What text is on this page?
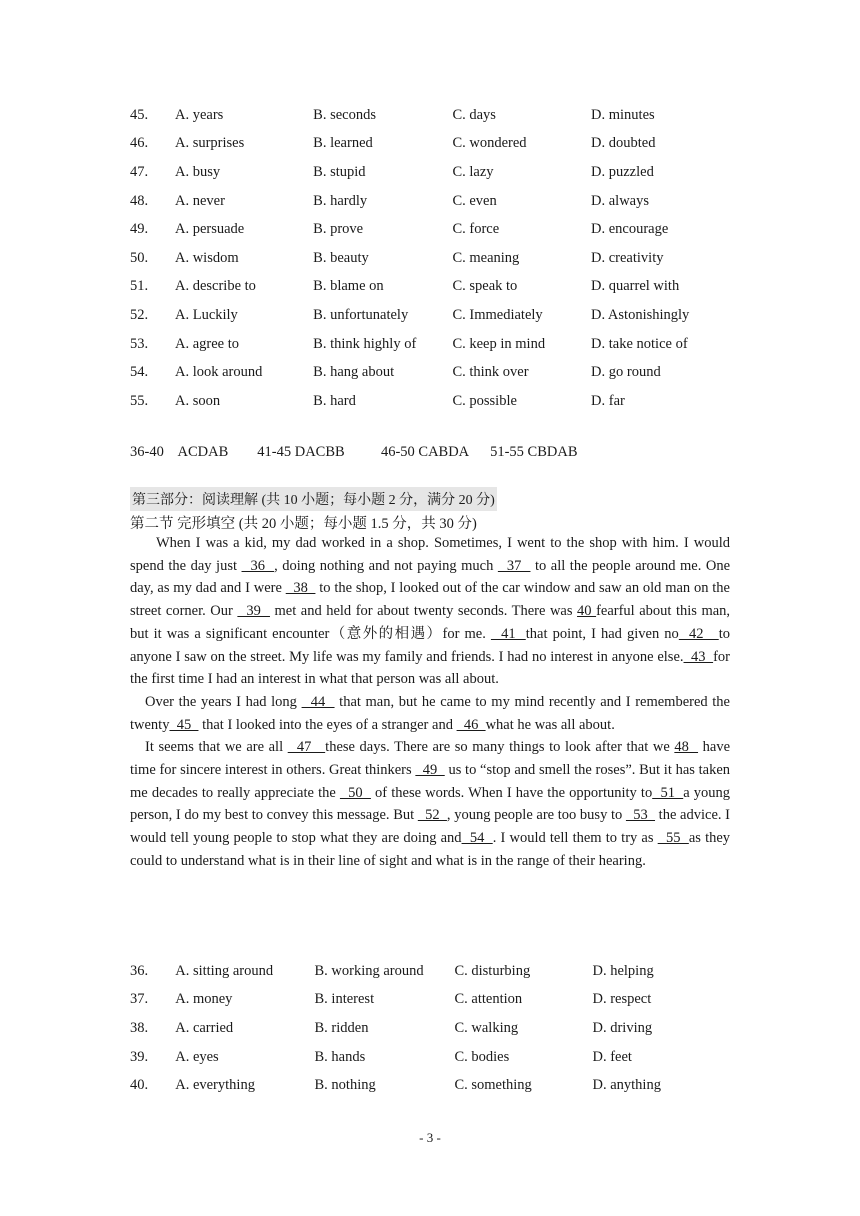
45.	A. years	B. seconds	C. days	D. minutes
46.	A. surprises	B. learned	C. wondered	D. doubted
47.	A. busy	B. stupid	C. lazy	D. puzzled
48.	A. never	B. hardly	C. even	D. always
49.	A. persuade	B. prove	C. force	D. encourage
50.	A. wisdom	B. beauty	C. meaning	D. creativity
51.	A. describe to	B. blame on	C. speak to	D. quarrel with
52.	A. Luckily	B. unfortunately	C. Immediately	D. Astonishingly
53.	A. agree to	B. think highly of	C. keep in mind	D. take notice of
54.	A. look around	B. hang about	C. think over	D. go round
55.	A. soon	B. hard	C. possible	D. far
36-40    ACDAB        41-45 DACBB          46-50 CABDA      51-55 CBDAB
第三部分：阅读理解 (共 10 小题；每小题 2 分，满分 20 分)
第二节 完形填空 (共 20 小题；每小题 1.5 分，共 30 分)

When I was a kid, my dad worked in a shop. Sometimes, I went to the shop with him. I would spend the day just   36  , doing nothing and not paying much   37   to all the people around me. One day, as my dad and I were   38   to the shop, I looked out of the car window and saw an old man on the street corner. Our   39   met and held for about twenty seconds. There was 40 fearful about this man, but it was a significant encounter（意外的相遇）for me.   41  that point, I had given no  42   to anyone I saw on the street. My life was my family and friends. I had no interest in anyone else.  43  for the first time I had an interest in what that person was all about.

Over the years I had long   44   that man, but he came to my mind recently and I remembered the twenty  45   that I looked into the eyes of a stranger and   46  what he was all about.

It seems that we are all   47   these days. There are so many things to look after that we 48   have time for sincere interest in others. Great thinkers   49   us to “stop and smell the roses”. But it has taken me decades to really appreciate the   50   of these words. When I have the opportunity to  51  a young person, I do my best to convey this message. But   52  , young people are too busy to   53   the advice. I would tell young people to stop what they are doing and  54  . I would tell them to try as   55  as they could to understand what is in their line of sight and what is in the range of their hearing.

36.	A. sitting around	B. working around	C. disturbing	D. helping
37.	A. money	B. interest	C. attention	D. respect
38.	A. carried	B. ridden	C. walking	D. driving
39.	A. eyes	B. hands	C. bodies	D. feet
40.	A. everything	B. nothing	C. something	D. anything
- 3 -
